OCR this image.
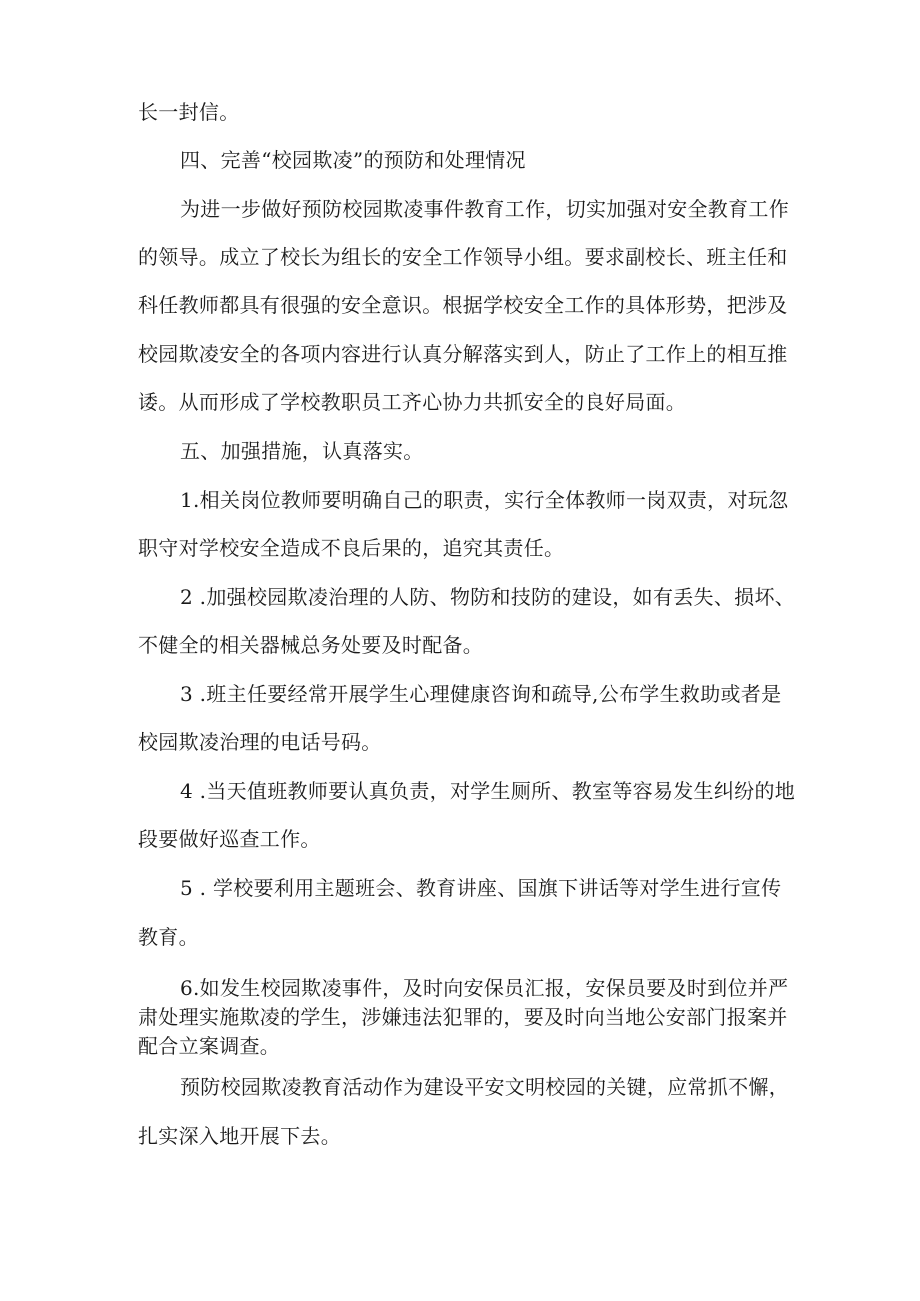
长一封信。
四、完善“校园欺凌”的预防和处理情况
为进一步做好预防校园欺凌事件教育工作，切实加强对安全教育工作
的领导。成立了校长为组长的安全工作领导小组。要求副校长、班主任和
科任教师都具有很强的安全意识。根据学校安全工作的具体形势，把涉及
校园欺凌安全的各项内容进行认真分解落实到人，防止了工作上的相互推
诿。从而形成了学校教职员工齐心协力共抓安全的良好局面。
五、加强措施，认真落实。
1.相关岗位教师要明确自己的职责，实行全体教师一岗双责，对玩忽
职守对学校安全造成不良后果的，追究其责任。
2 .加强校园欺凌治理的人防、物防和技防的建设，如有丢失、损坏、
不健全的相关器械总务处要及时配备。
3 .班主任要经常开展学生心理健康咨询和疏导,公布学生救助或者是
校园欺凌治理的电话号码。
4 .当天值班教师要认真负责，对学生厕所、教室等容易发生纠纷的地
段要做好巡查工作。
5 . 学校要利用主题班会、教育讲座、国旗下讲话等对学生进行宣传
教育。
6.如发生校园欺凌事件，及时向安保员汇报，安保员要及时到位并严
肃处理实施欺凌的学生，涉嫌违法犯罪的，要及时向当地公安部门报案并
配合立案调查。
预防校园欺凌教育活动作为建设平安文明校园的关键，应常抓不懈，
扎实深入地开展下去。
